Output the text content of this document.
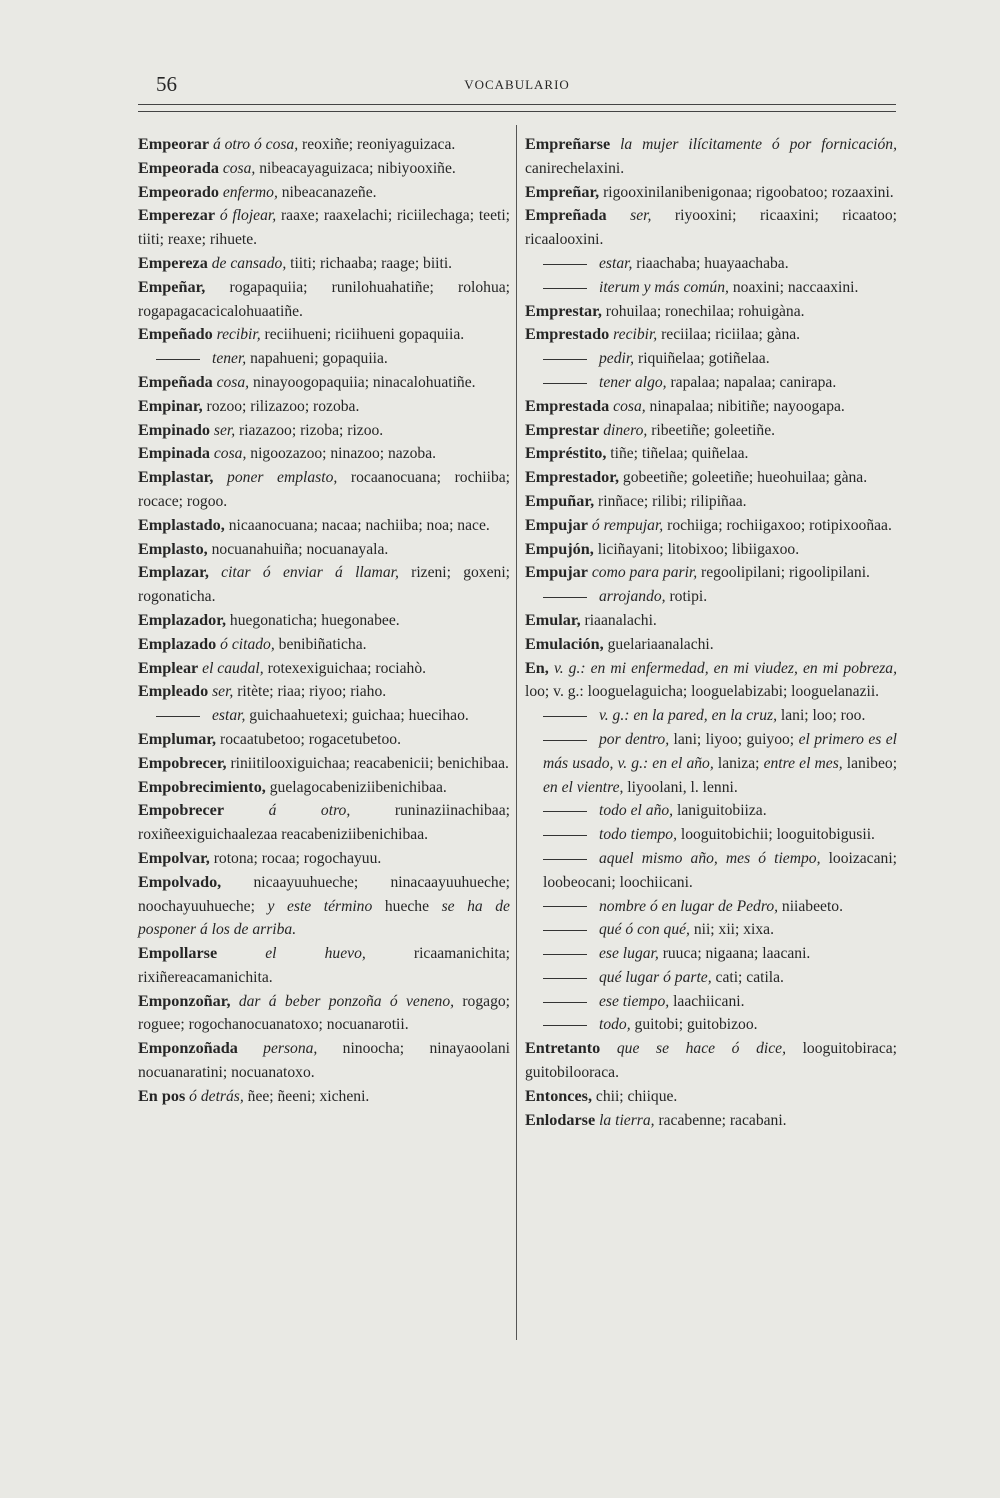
56	VOCABULARIO
Empeorar á otro ó cosa, reoxiñe; reoniyaguizaca.
Empeorada cosa, nibeacayaguizaca; nibiyooxiñe.
Empeorado enfermo, nibeacanazeñe.
Emperezar ó flojear, raaxe; raaxelachi; riciilechaga; teeti; tiiti; reaxe; rihuete.
Empereza de cansado, tiiti; richaaba; raage; biiti.
Empeñar, rogapaquiia; runilohuahatiñe; rolohua; rogapagacacicalohuaatiñe.
Empeñado recibir, reciihueni; riciihueni gopaquiia.
tener, napahueni; gopaquiia.
Empeñada cosa, ninayoogopaquiia; ninacalohuatiñe.
Empinar, rozoo; rilizazoo; rozoba.
Empinado ser, riazazoo; rizoba; rizoo.
Empinada cosa, nigoozazoo; ninazoo; nazoba.
Emplastar, poner emplasto, rocaanocuana; rochiiba; rocace; rogoo.
Emplastado, nicaanocuana; nacaa; nachiiba; noa; nace.
Emplasto, nocuanahuiña; nocuanayala.
Emplazar, citar ó enviar á llamar, rizeni; goxeni; rogonaticha.
Emplazador, huegonaticha; huegonabee.
Emplazado ó citado, benibiñaticha.
Emplear el caudal, rotexexiguichaa; rociahò.
Empleado ser, ritète; riaa; riyoo; riaho.
estar, guichaahuetexi; guichaa; huecihao.
Emplumar, rocaatubetoo; rogacetubetoo.
Empobrecer, riniitilooxiguichaa; reacabenicii; benichibaa.
Empobrecimiento, guelagocabeniziibenichibaa.
Empobrecer	á otro,	runinaziinachibaa; roxiñeexiguichaalezaa reacabeniziibenichibaa.
Empolvar, rotona; rocaa; rogochayuu.
Empolvado, nicaayuuhueche; ninacaayuuhueche; noochayuuhueche; y este término hueche se ha de posponer á los de arriba.
Empollarse	el huevo,	ricaamanichita; rixiñereacamanichita.
Emponzoñar, dar á beber ponzoña ó veneno, rogago; roguee; rogochanocuanatoxo; nocuanarotii.
Emponzoñada persona, ninoocha; ninayaoolani nocuanaratini; nocuanatoxo.
En pos ó detrás, ñee; ñeeni; xicheni.
Empreñarse la mujer ilícitamente ó por fornicación, canirechelaxini.
Empreñar, rigooxinilanibenigonaa; rigoobatoo; rozaaxini.
Empreñada ser, riyooxini; ricaaxini; ricaatoo; ricaalooxini.
estar, riaachaba; huayaachaba.
iterum y más común, noaxini; naccaaxini.
Emprestar, rohuilaa; ronechilaa; rohuigàna.
Emprestado recibir, reciilaa; riciilaa; gàna.
pedir, riquiñelaa; gotiñelaa.
tener algo, rapalaa; napalaa; canirapa.
Emprestada cosa, ninapalaa; nibitiñe; nayoogapa.
Emprestar dinero, ribeetiñe; goleetiñe.
Empréstito, tiñe; tiñelaa; quiñelaa.
Emprestador, gobeetiñe; goleetiñe; hueohuilaa; gàna.
Empuñar, rinñace; rilibi; rilipiñaa.
Empujar ó rempujar, rochiiga; rochiigaxoo; rotipixooñaa.
Empujón, liciñayani; litobixoo; libiigaxoo.
Empujar como para parir, regoolipilani; rigoolipilani.
arrojando, rotipi.
Emular, riaanalachi.
Emulación, guelariaanalachi.
En, v. g.: en mi enfermedad, en mi viudez, en mi pobreza, loo; v. g.: looguelaguicha; looguelabizabi; looguelanazii.
v. g.: en la pared, en la cruz, lani; loo; roo.
por dentro, lani; liyoo; guiyoo; el primero es el más usado, v. g.: en el año, laniza; entre el mes, lanibeo; en el vientre, liyoolani, l. lenni.
todo el año, laniguitobiiza.
todo tiempo, looguitobichii; looguitobigusii.
aquel mismo año, mes ó tiempo, looizacani; loobeocani; loochiicani.
nombre ó en lugar de Pedro, niiabeeto.
qué ó con qué, nii; xii; xixa.
ese lugar, ruuca; nigaana; laacani.
qué lugar ó parte, cati; catila.
ese tiempo, laachiicani.
todo, guitobi; guitobizoo.
Entretanto que se hace ó dice, looguitobiraca; guitobilooraca.
Entonces, chii; chiique.
Enlodarse la tierra, racabenne; racabani.
